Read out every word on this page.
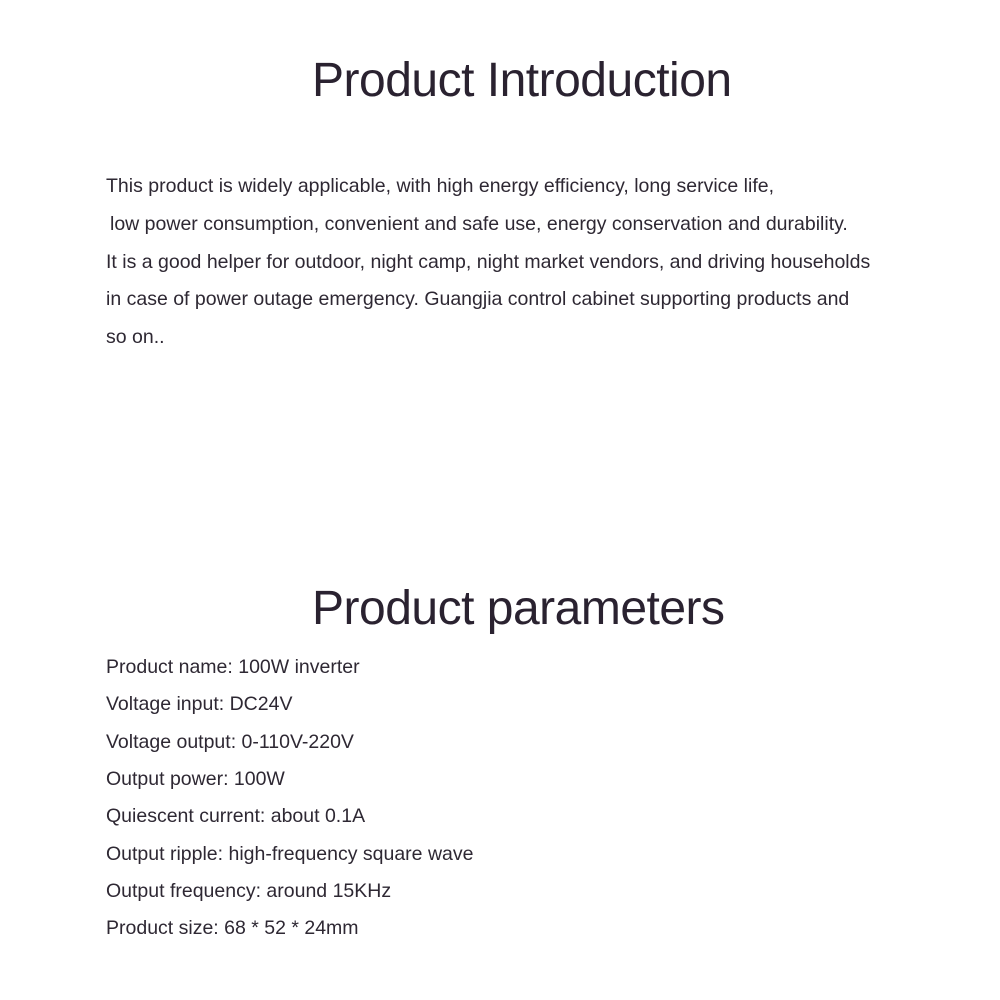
Product Introduction
This product is widely applicable, with high energy efficiency, long service life,
low power consumption, convenient and safe use, energy conservation and durability.
It is a good helper for outdoor, night camp, night market vendors, and driving households
in case of power outage emergency. Guangjia control cabinet supporting products and
so on..
Product parameters
Product name: 100W inverter
Voltage input: DC24V
Voltage output: 0-110V-220V
Output power: 100W
Quiescent current: about 0.1A
Output ripple: high-frequency square wave
Output frequency: around 15KHz
Product size: 68 * 52 * 24mm
